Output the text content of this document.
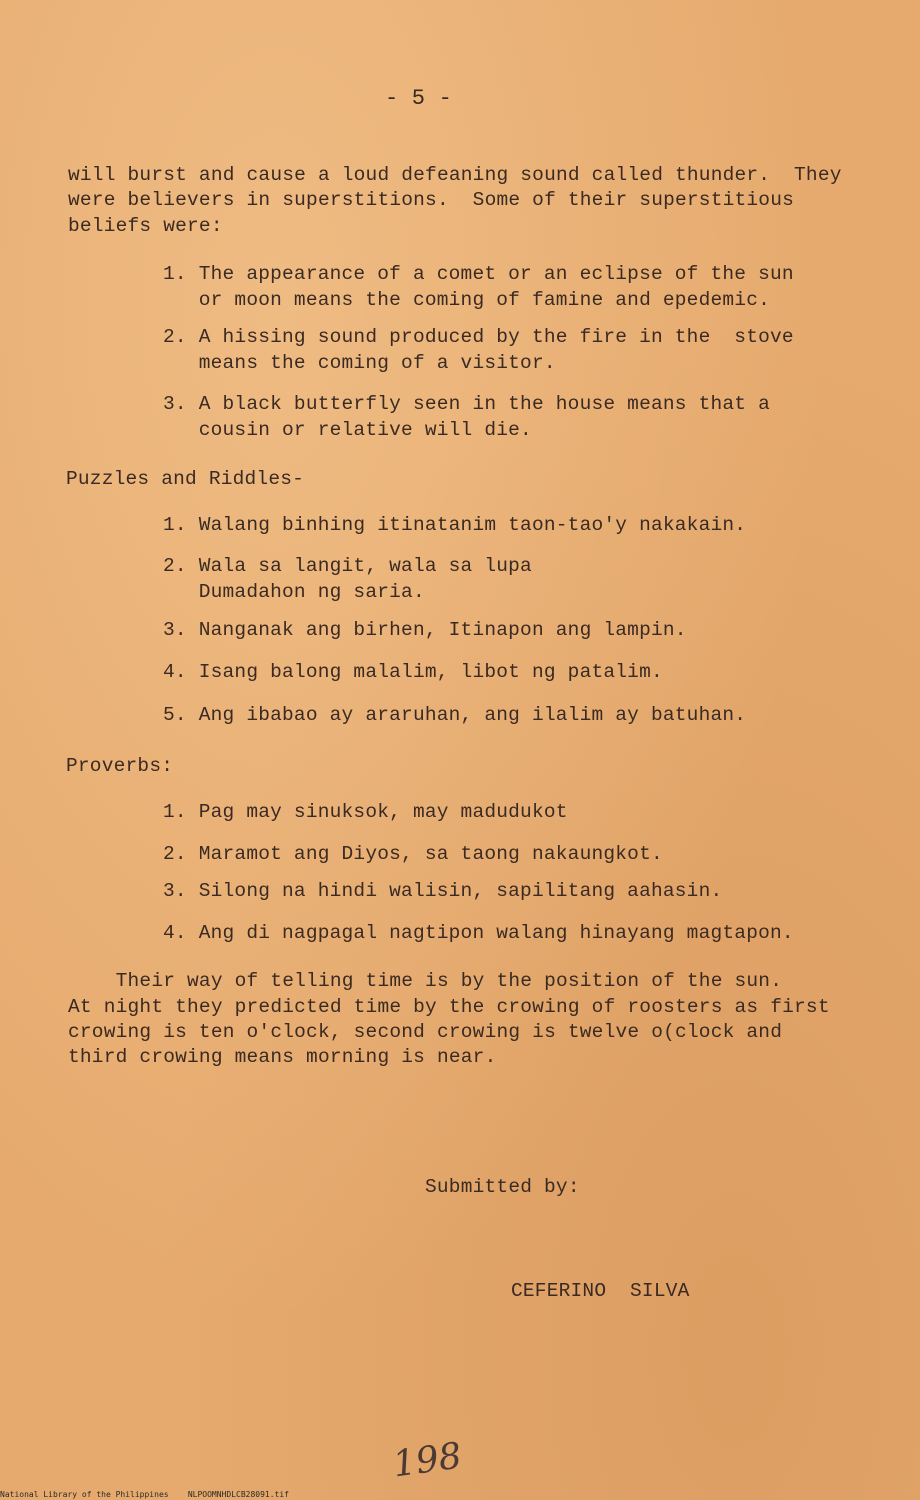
- 5 -
will burst and cause a loud defeaning sound called thunder.  They
were believers in superstitions.  Some of their superstitious
beliefs were:
1. The appearance of a comet or an eclipse of the sun
or moon means the coming of famine and epedemic.
2. A hissing sound produced by the fire in the  stove
means the coming of a visitor.
3. A black butterfly seen in the house means that a
cousin or relative will die.
Puzzles and Riddles-
1. Walang binhing itinatanim taon-tao'y nakakain.
2. Wala sa langit, wala sa lupa
Dumadahon ng saria.
3. Nanganak ang birhen, Itinapon ang lampin.
4. Isang balong malalim, libot ng patalim.
5. Ang ibabao ay araruhan, ang ilalim ay batuhan.
Proverbs:
1. Pag may sinuksok, may madudukot
2. Maramot ang Diyos, sa taong nakaungkot.
3. Silong na hindi walisin, sapilitang aahasin.
4. Ang di nagpagal nagtipon walang hinayang magtapon.
Their way of telling time is by the position of the sun.
At night they predicted time by the crowing of roosters as first
crowing is ten o'clock, second crowing is twelve o(clock and
third crowing means morning is near.
Submitted by:
CEFERINO  SILVA
198
National Library of the Philippines    NLPOOMNHDLCB28091.tif
